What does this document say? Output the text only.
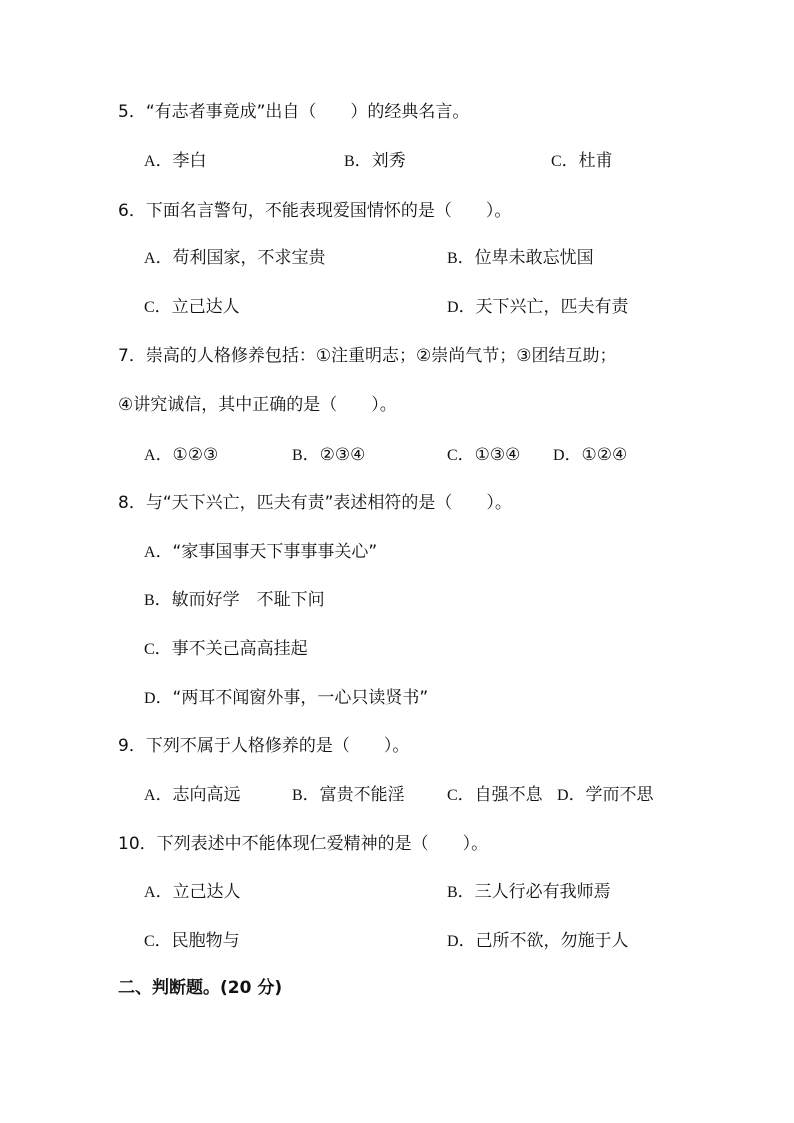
5．“有志者事竟成”出自（　　）的经典名言。
A．李白	B．刘秀	C．杜甫
6．下面名言警句，不能表现爱国情怀的是（　　）。
A．苟利国家，不求宝贵	B．位卑未敢忘忧国
C．立己达人	D．天下兴亡，匹夫有责
7．崇高的人格修养包括：①注重明志；②崇尚气节；③团结互助；
④讲究诚信，其中正确的是（　　）。
A．①②③	B．②③④	C．①③④ D．①②④
8．与“天下兴亡，匹夫有责”表述相符的是（　　）。
A．“家事国事天下事事事关心”
B．敏而好学　不耻下问
C．事不关己高高挂起
D．“两耳不闻窗外事，一心只读贤书”
9．下列不属于人格修养的是（　　）。
A．志向高远	B．富贵不能淫	C．自强不息 D．学而不思
10．下列表述中不能体现仁爱精神的是（　　）。
A．立己达人	B．三人行必有我师焉
C．民胞物与	D．己所不欲，勿施于人
二、判断题。(20 分)
